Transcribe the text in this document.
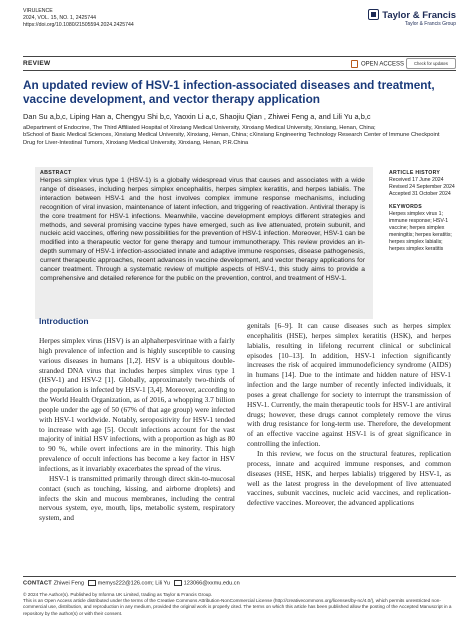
VIRULENCE
2024, VOL. 15, NO. 1, 2425744
https://doi.org/10.1080/21505594.2024.2425744
Taylor & Francis
Taylor & Francis Group
REVIEW	OPEN ACCESS	Check for updates
An updated review of HSV-1 infection-associated diseases and treatment, vaccine development, and vector therapy application
Dan Su a,b,c, Liping Han a, Chengyu Shi b,c, Yaoxin Li a,c, Shaojiu Qian , Zhiwei Feng a, and Lili Yu a,b,c
aDepartment of Endocrine, The Third Affiliated Hospital of Xinxiang Medical University, Xinxiang Medical University, Xinxiang, Henan, China;
bSchool of Basic Medical Sciences, Xinxiang Medical University, Xinxiang, Henan, China; cXinxiang Engineering Technology Research Center of Immune Checkpoint Drug for Liver-Intestinal Tumors, Xinxiang Medical University, Xinxiang, Henan, P.R.China
ABSTRACT
Herpes simplex virus type 1 (HSV-1) is a globally widespread virus that causes and associates with a wide range of diseases, including herpes simplex encephalitis, herpes simplex keratitis, and herpes labialis. The interaction between HSV-1 and the host involves complex immune response mechanisms, including recognition of viral invasion, maintenance of latent infection, and triggering of reactivation. Antiviral therapy is the core treatment for HSV-1 infections. Meanwhile, vaccine development employs different strategies and methods, and several promising vaccine types have emerged, such as live attenuated, protein subunit, and nucleic acid vaccines, offering new possibilities for the prevention of HSV-1 infection. Moreover, HSV-1 can be modified into a therapeutic vector for gene therapy and tumour immunotherapy. This review provides an in-depth summary of HSV-1 infection-associated innate and adaptive immune responses, disease pathogenesis, current therapeutic approaches, recent advances in vaccine development, and vector therapy applications for cancer treatment. Through a systematic review of multiple aspects of HSV-1, this study aims to provide a comprehensive and detailed reference for the public on the prevention, control, and treatment of HSV-1.
ARTICLE HISTORY
Received 17 June 2024
Revised 24 September 2024
Accepted 31 October 2024
KEYWORDS
Herpes simplex virus 1; immune response; HSV-1 vaccine; herpes simplex meningitis; herpes keratitis; herpes simplex labialis; herpes simplex keratitis
Introduction

Herpes simplex virus (HSV) is an alphaherpesvirinae with a fairly high prevalence of infection and is highly susceptible to causing various diseases in humans [1,2]. HSV is a ubiquitous double-stranded DNA virus that includes herpes simplex virus type 1 (HSV-1) and HSV-2 [1]. Globally, approximately two-thirds of the population is infected by HSV-1 [3,4]. Moreover, according to the World Health Organization, as of 2016, a whopping 3.7 billion people under the age of 50 (67% of that age group) were infected with HSV-1 worldwide. Notably, seropositivity for HSV-1 tended to increase with age [5]. Occult infections account for the vast majority of initial HSV infections, with a proportion as high as 80 to 90 %, while overt infections are in the minority. This high prevalence of occult infections has become a key factor in HSV infections, as it invariably exacerbates the spread of the virus.

HSV-1 is transmitted primarily through direct skin-to-mucosal contact (such as touching, kissing, and airborne droplets) and infects the skin and mucous membranes, including the central nervous system, eye, mouth, lips, metabolic system, respiratory system, and

genitals [6–9]. It can cause diseases such as herpes simplex encephalitis (HSE), herpes simplex keratitis (HSK), and herpes labialis, resulting in lifelong recurrent clinical or subclinical episodes [10–13]. In addition, HSV-1 infection significantly increases the risk of acquired immunodeficiency syndrome (AIDS) in humans [14]. Due to the intimate and hidden nature of HSV-1 infection and the large number of recently infected individuals, it poses a great challenge for society to interrupt the transmission of HSV-1. Currently, the main therapeutic tools for HSV-1 are antiviral drugs; however, these drugs cannot completely remove the virus with drug resistance for long-term use. Therefore, the development of an effective vaccine against HSV-1 is of great significance in controlling the infection.

In this review, we focus on the structural features, replication process, innate and acquired immune responses, and common diseases (HSE, HSK, and herpes labialis) triggered by HSV-1, as well as the latest progress in the development of live attenuated vaccines, subunit vaccines, nucleic acid vaccines, and replication-defective vaccines. Moreover, the advanced applications

CONTACT Zhiwei Feng memys222@126.com; Lili Yu 123066@xxmu.edu.cn
© 2024 The Author(s). Published by Informa UK Limited, trading as Taylor & Francis Group.
This is an Open Access article distributed under the terms of the Creative Commons Attribution-NonCommercial License (http://creativecommons.org/licenses/by-nc/4.0/), which permits unrestricted non-commercial use, distribution, and reproduction in any medium, provided the original work is properly cited. The terms on which this article has been published allow the posting of the Accepted Manuscript in a repository by the author(s) or with their consent.
